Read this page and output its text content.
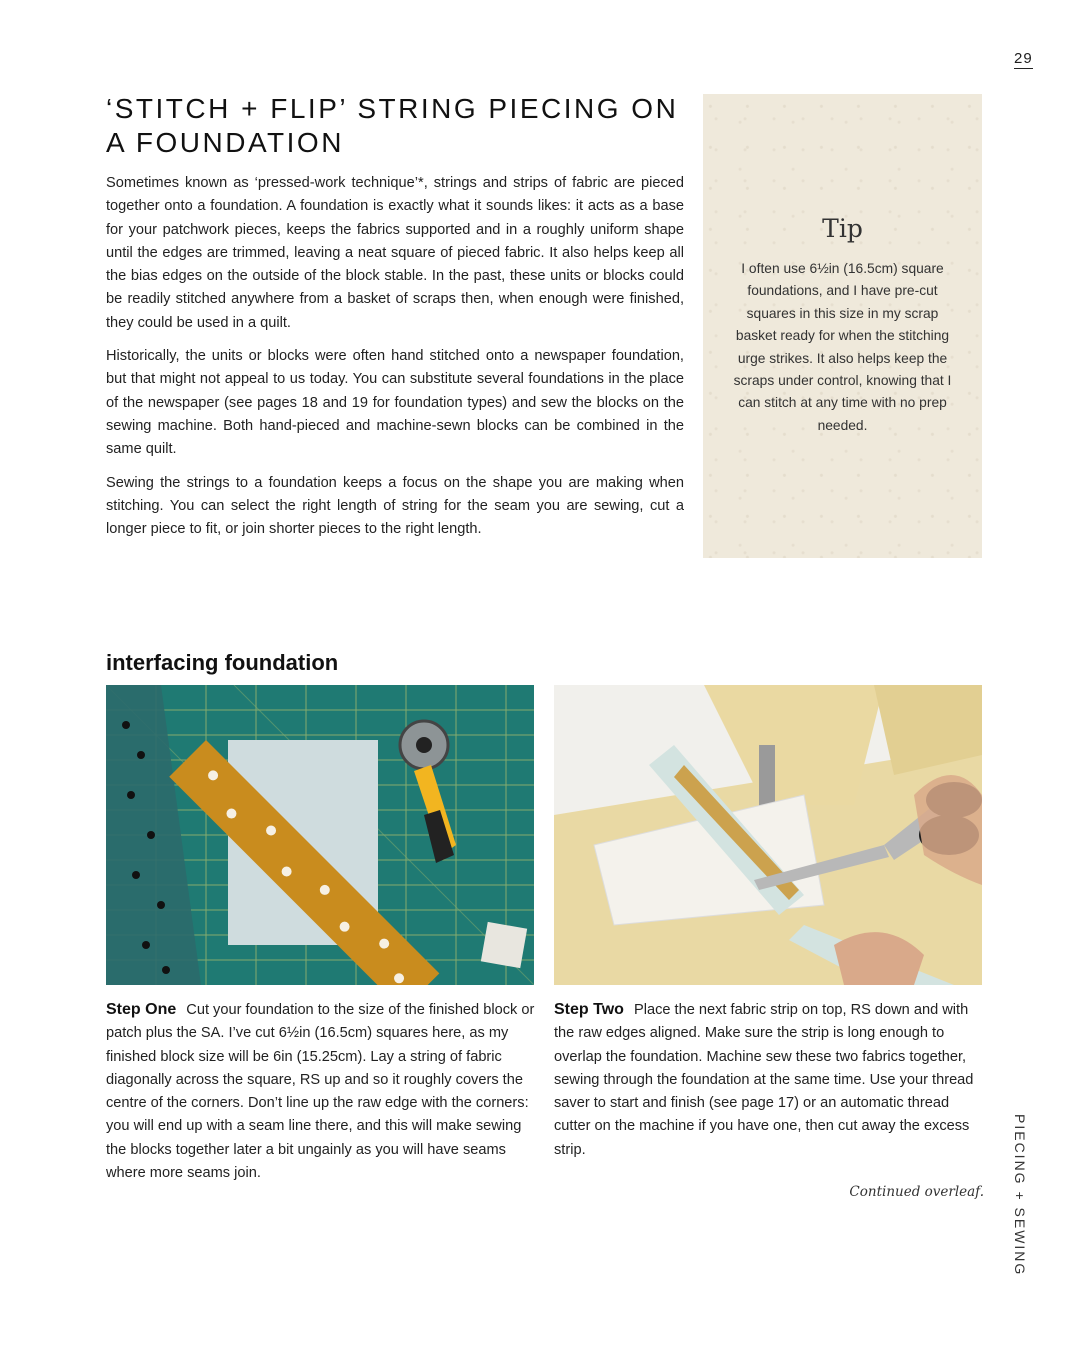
29
‘STITCH + FLIP’ STRING PIECING ON A FOUNDATION

Sometimes known as ‘pressed-work technique’*, strings and strips of fabric are pieced together onto a foundation. A foundation is exactly what it sounds likes: it acts as a base for your patchwork pieces, keeps the fabrics supported and in a roughly uniform shape until the edges are trimmed, leaving a neat square of pieced fabric. It also helps keep all the bias edges on the outside of the block stable. In the past, these units or blocks could be readily stitched anywhere from a basket of scraps then, when enough were finished, they could be used in a quilt.

Historically, the units or blocks were often hand stitched onto a newspaper foundation, but that might not appeal to us today. You can substitute several foundations in the place of the newspaper (see pages 18 and 19 for foundation types) and sew the blocks on the sewing machine. Both hand-pieced and machine-sewn blocks can be combined in the same quilt.

Sewing the strings to a foundation keeps a focus on the shape you are making when stitching. You can select the right length of string for the seam you are sewing, cut a longer piece to fit, or join shorter pieces to the right length.

Tip
I often use 6½in (16.5cm) square foundations, and I have pre-cut squares in this size in my scrap basket ready for when the stitching urge strikes. It also helps keep the scraps under control, knowing that I can stitch at any time with no prep needed.
interfacing foundation
Step One Cut your foundation to the size of the finished block or patch plus the SA. I’ve cut 6½in (16.5cm) squares here, as my finished block size will be 6in (15.25cm). Lay a string of fabric diagonally across the square, RS up and so it roughly covers the centre of the corners. Don’t line up the raw edge with the corners: you will end up with a seam line there, and this will make sewing the blocks together later a bit ungainly as you will have seams where more seams join.
Step Two Place the next fabric strip on top, RS down and with the raw edges aligned. Make sure the strip is long enough to overlap the foundation. Machine sew these two fabrics together, sewing through the foundation at the same time. Use your thread saver to start and finish (see page 17) or an automatic thread cutter on the machine if you have one, then cut away the excess strip.
Continued overleaf. PIECING + SEWING
